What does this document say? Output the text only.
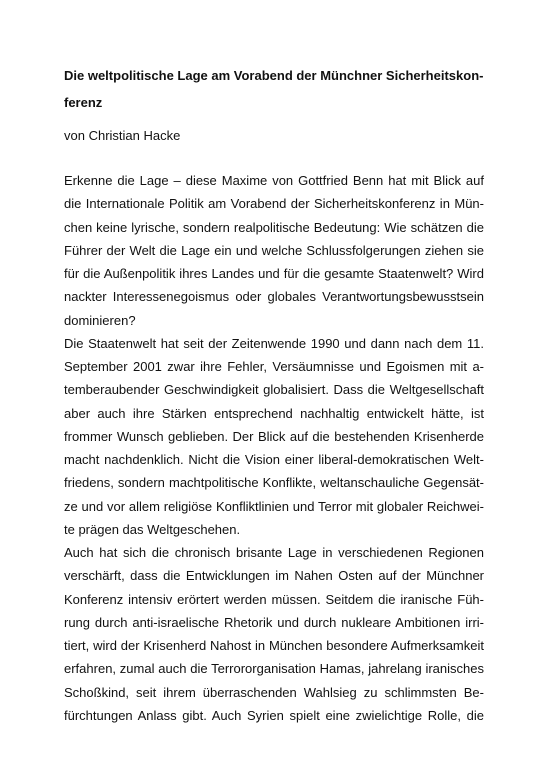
Die weltpolitische Lage am Vorabend der Münchner Sicherheitskon-
ferenz

von Christian Hacke

Erkenne die Lage – diese Maxime von Gottfried Benn hat mit Blick auf
die Internationale Politik am Vorabend der Sicherheitskonferenz in Mün-
chen keine lyrische, sondern realpolitische Bedeutung: Wie schätzen die
Führer der Welt die Lage ein und welche Schlussfolgerungen ziehen sie
für die Außenpolitik ihres Landes und für die gesamte Staatenwelt? Wird
nackter Interessenegoismus oder globales Verantwortungsbewusstsein
dominieren?
Die Staatenwelt hat seit der Zeitenwende 1990 und dann nach dem 11.
September 2001 zwar ihre Fehler, Versäumnisse und Egoismen mit a-
temberaubender Geschwindigkeit globalisiert. Dass die Weltgesellschaft
aber auch ihre Stärken entsprechend nachhaltig entwickelt hätte, ist
frommer Wunsch geblieben. Der Blick auf die bestehenden Krisenherde
macht nachdenklich. Nicht die Vision einer liberal-demokratischen Welt-
friedens, sondern machtpolitische Konflikte, weltanschauliche Gegensät-
ze und vor allem religiöse Konfliktlinien und Terror mit globaler Reichwei-
te prägen das Weltgeschehen.
Auch hat sich die chronisch brisante Lage in verschiedenen Regionen
verschärft, dass die Entwicklungen im Nahen Osten auf der Münchner
Konferenz intensiv erörtert werden müssen. Seitdem die iranische Füh-
rung durch anti-israelische Rhetorik und durch nukleare Ambitionen irri-
tiert, wird der Krisenherd Nahost in München besondere Aufmerksamkeit
erfahren, zumal auch die Terrororganisation Hamas, jahrelang iranisches
Schoßkind, seit ihrem überraschenden Wahlsieg zu schlimmsten Be-
fürchtungen Anlass gibt. Auch Syrien spielt eine zwielichtige Rolle, die
